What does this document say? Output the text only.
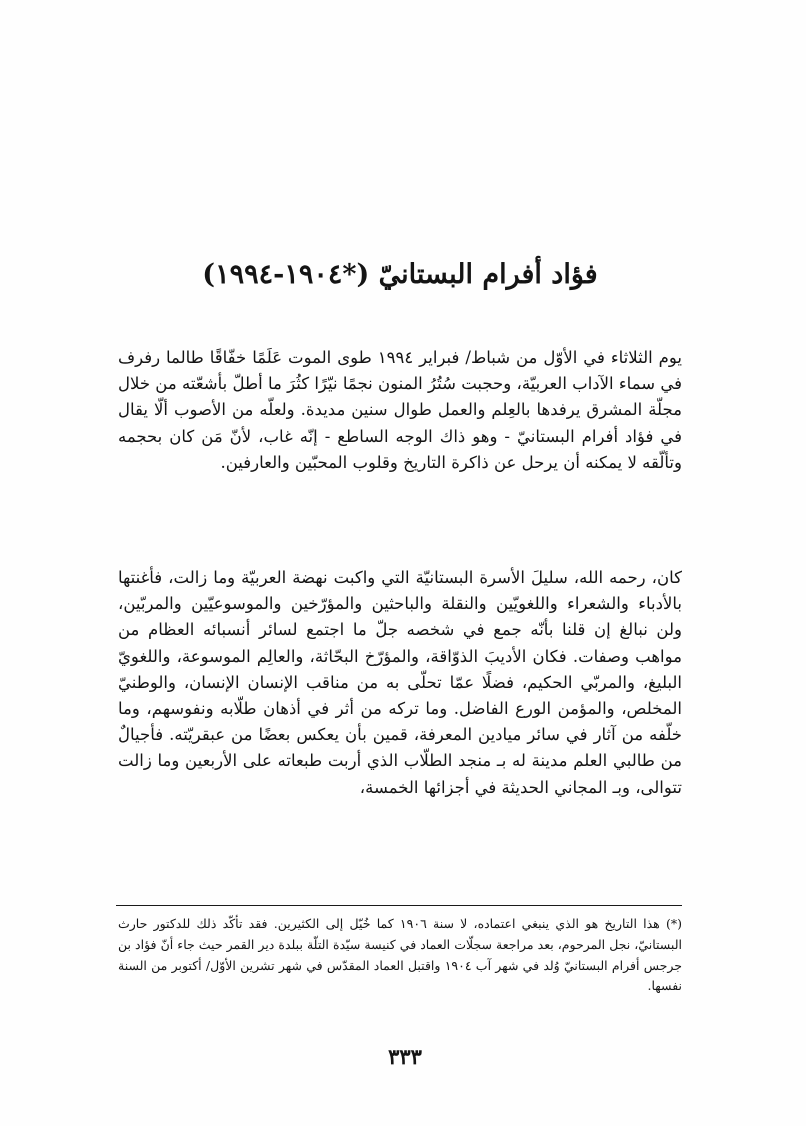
فؤاد أفرام البستانيّ (*۱۹۰٤-۱۹۹٤)
يوم الثلاثاء في الأوّل من شباط/ فبراير ۱۹۹٤ طوى الموت عَلَمًا خفّاقًا طالما رفرف في سماء الآداب العربيّة، وحجبت سُتُرُ المنون نجمًا نيّرًا كثُرَ ما أطلّ بأشعّته من خلال مجلّة المشرق يرفدها بالعِلم والعمل طوال سنين مديدة. ولعلّه من الأصوب ألّا يقال في فؤاد أفرام البستانيّ - وهو ذاك الوجه الساطع - إنّه غاب، لأنّ مَن كان بحجمه وتألّقه لا يمكنه أن يرحل عن ذاكرة التاريخ وقلوب المحبّين والعارفين.
كان، رحمه الله، سليلَ الأسرة البستانيّة التي واكبت نهضة العربيّة وما زالت، فأغنتها بالأدباء والشعراء واللغويّين والنقلة والباحثين والمؤرّخين والموسوعيّين والمربّين، ولن نبالغ إن قلنا بأنّه جمع في شخصه جلّ ما اجتمع لسائر أنسبائه العظام من مواهب وصفات. فكان الأديبَ الذوّاقة، والمؤرّخ البحّاثة، والعالِم الموسوعة، واللغويّ البليغ، والمربّي الحكيم، فضلًا عمّا تحلّى به من مناقب الإنسان الإنسان، والوطنيّ المخلص، والمؤمن الورع الفاضل. وما تركه من أثر في أذهان طلّابه ونفوسهم، وما خلّفه من آثار في سائر ميادين المعرفة، قمين بأن يعكس بعضًا من عبقريّته. فأجيالٌ من طالبي العلم مدينة له بـ منجد الطلّاب الذي أربت طبعاته على الأربعين وما زالت تتوالى، وبـ المجاني الحديثة في أجزائها الخمسة،
(*) هذا التاريخ هو الذي ينبغي اعتماده، لا سنة ۱۹۰٦ كما خُيّل إلى الكثيرين. فقد تأكّد ذلك للدكتور حارث البستانيّ، نجل المرحوم، بعد مراجعة سجلّات العماد في كنيسة سيّدة التلّة ببلدة دير القمر حيث جاء أنّ فؤاد بن جرجس أفرام البستانيّ وُلد في شهر آب ۱۹۰٤ واقتبل العماد المقدّس في شهر تشرين الأوّل/ أكتوبر من السنة نفسها.
۳۳۳
